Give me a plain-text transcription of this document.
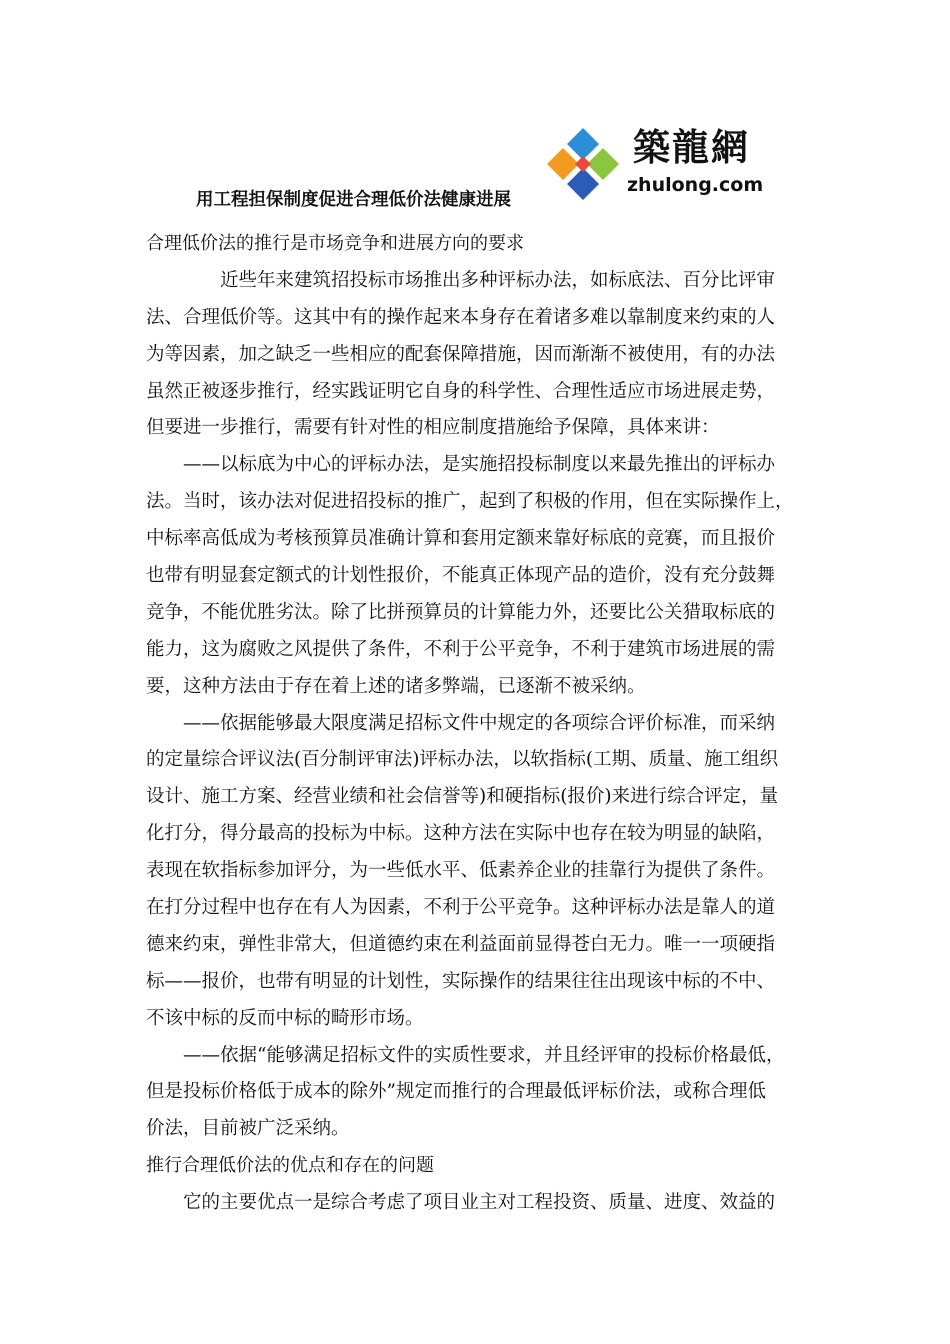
築龍網
zhulong.com
用工程担保制度促进合理低价法健康进展
合理低价法的推行是市场竞争和进展方向的要求
近些年来建筑招投标市场推出多种评标办法，如标底法、百分比评审
法、合理低价等。这其中有的操作起来本身存在着诸多难以靠制度来约束的人
为等因素，加之缺乏一些相应的配套保障措施，因而渐渐不被使用，有的办法
虽然正被逐步推行，经实践证明它自身的科学性、合理性适应市场进展走势，
但要进一步推行，需要有针对性的相应制度措施给予保障，具体来讲：
——以标底为中心的评标办法，是实施招投标制度以来最先推出的评标办
法。当时，该办法对促进招投标的推广，起到了积极的作用，但在实际操作上，
中标率高低成为考核预算员准确计算和套用定额来靠好标底的竞赛，而且报价
也带有明显套定额式的计划性报价，不能真正体现产品的造价，没有充分鼓舞
竞争，不能优胜劣汰。除了比拼预算员的计算能力外，还要比公关猎取标底的
能力，这为腐败之风提供了条件，不利于公平竞争，不利于建筑市场进展的需
要，这种方法由于存在着上述的诸多弊端，已逐渐不被采纳。
——依据能够最大限度满足招标文件中规定的各项综合评价标准，而采纳
的定量综合评议法(百分制评审法)评标办法，以软指标(工期、质量、施工组织
设计、施工方案、经营业绩和社会信誉等)和硬指标(报价)来进行综合评定，量
化打分，得分最高的投标为中标。这种方法在实际中也存在较为明显的缺陷，
表现在软指标参加评分，为一些低水平、低素养企业的挂靠行为提供了条件。
在打分过程中也存在有人为因素，不利于公平竞争。这种评标办法是靠人的道
德来约束，弹性非常大，但道德约束在利益面前显得苍白无力。唯一一项硬指
标——报价，也带有明显的计划性，实际操作的结果往往出现该中标的不中、
不该中标的反而中标的畸形市场。
——依据“能够满足招标文件的实质性要求，并且经评审的投标价格最低，
但是投标价格低于成本的除外”规定而推行的合理最低评标价法，或称合理低
价法，目前被广泛采纳。
推行合理低价法的优点和存在的问题
它的主要优点一是综合考虑了项目业主对工程投资、质量、进度、效益的
